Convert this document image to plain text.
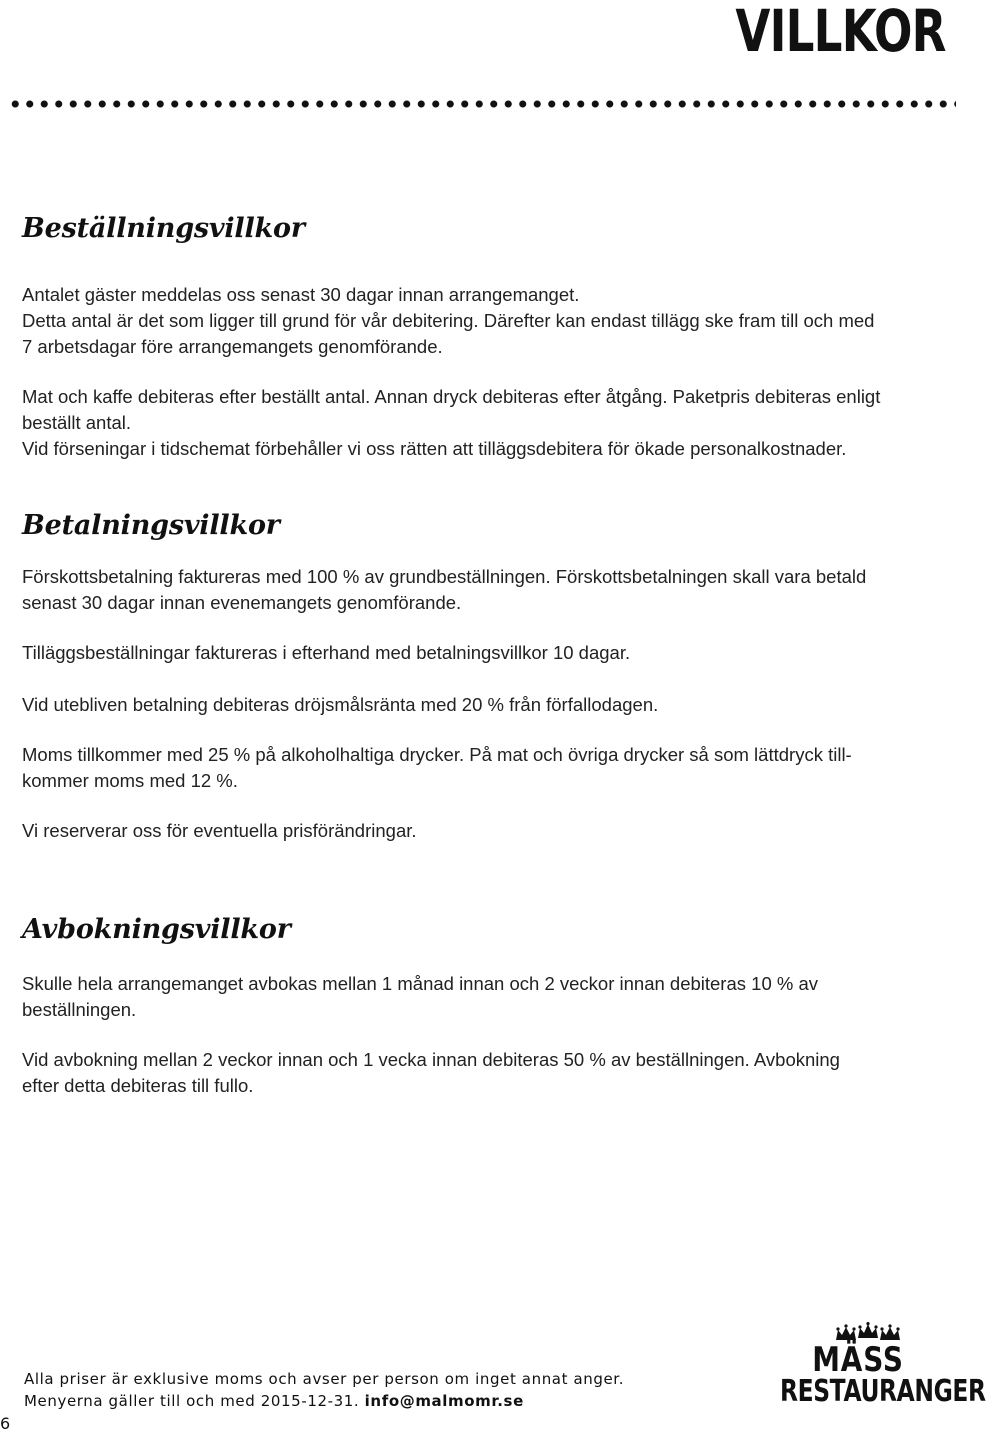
VILLKOR
Beställningsvillkor

Antalet gäster meddelas oss senast 30 dagar innan arrangemanget.
Detta antal är det som ligger till grund för vår debitering. Därefter kan endast tillägg ske fram till och med
7 arbetsdagar före arrangemangets genomförande.

Mat och kaffe debiteras efter beställt antal. Annan dryck debiteras efter åtgång. Paketpris debiteras enligt
beställt antal.
Vid förseningar i tidschemat förbehåller vi oss rätten att tilläggsdebitera för ökade personalkostnader.

Betalningsvillkor

Förskottsbetalning faktureras med 100 % av grundbeställningen. Förskottsbetalningen skall vara betald
senast 30 dagar innan evenemangets genomförande.

Tilläggsbeställningar faktureras i efterhand med betalningsvillkor 10 dagar.

Vid utebliven betalning debiteras dröjsmålsränta med 20 % från förfallodagen.

Moms tillkommer med 25 % på alkoholhaltiga drycker. På mat och övriga drycker så som lättdryck till-
kommer moms med 12 %.

Vi reserverar oss för eventuella prisförändringar.

Avbokningsvillkor

Skulle hela arrangemanget avbokas mellan 1 månad innan och 2 veckor innan debiteras 10 % av
beställningen.

Vid avbokning mellan 2 veckor innan och 1 vecka innan debiteras 50 % av beställningen. Avbokning
efter detta debiteras till fullo.

Alla priser är exklusive moms och avser per person om inget annat anger.
Menyerna gäller till och med 2015-12-31. info@malmomr.se
6
MÄSS
RESTAURANGER
